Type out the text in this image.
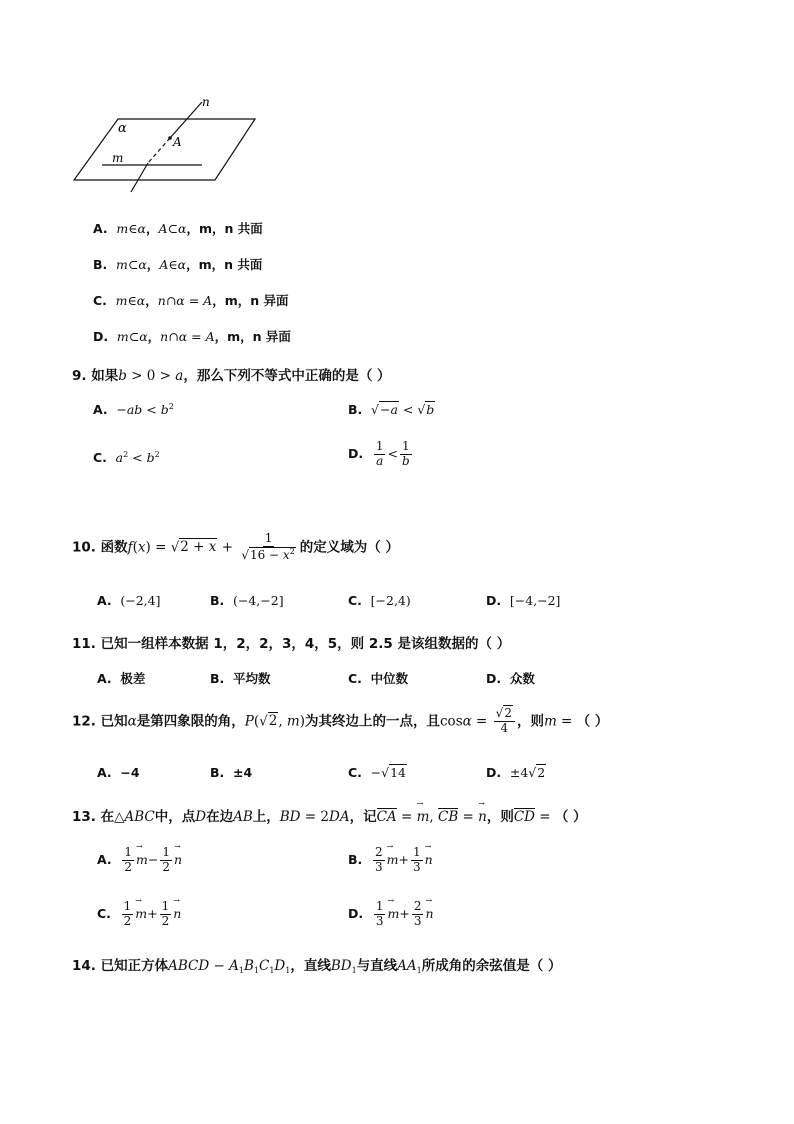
n
α
A
m
A. m∈α，A⊂α，m，n 共面
B. m⊂α，A∈α，m，n 共面
C. m∈α，n∩α = A，m，n 异面
D. m⊂α，n∩α = A，m，n 异面
9. 如果b > 0 > a，那么下列不等式中正确的是（ ）
A. $-ab < b^2$	B. √−a < √b
C. $a^2 < b^2$	D. $\frac{1}{a} < \frac{1}{b}$
10. 函数$f(x) = √2 + x + \frac{1}{√16 - x^2}$ 的定义域为（ ）
A. (−2,4]	B. (−4,−2]	C. [−2,4)	D. [−4,−2]
11. 已知一组样本数据 1，2，2，3，4，5，则 2.5 是该组数据的（ ）
A. 极差	B. 平均数	C. 中位数	D. 众数
12. 已知α是第四象限的角，P(√2, m)为其终边上的一点，且$\cos\alpha = \frac{√2}{4}$ ，则m = （ ）
A. −4	B. ±4	C. −√14	D. ±4√2
13. 在△ABC中，点D在边AB上，BD = 2DA，记CA = → m, CB = → n，则CD = （ ）
A. $\frac{1}{2}$
→ $m- \frac{1}{2}$
→ n	B. $\frac{2}{3}$
→ $m+ \frac{1}{3}$
→ n
C. $\frac{1}{2}$
→ $m+ \frac{1}{2}$
→ n	D. $\frac{1}{3}$
→ $m+ \frac{2}{3}$
→ n
14. 已知正方体ABCD − $A_1B_1C_1D_1$，直线$BD_1$与直线$AA_1$所成角的余弦值是（ ）
